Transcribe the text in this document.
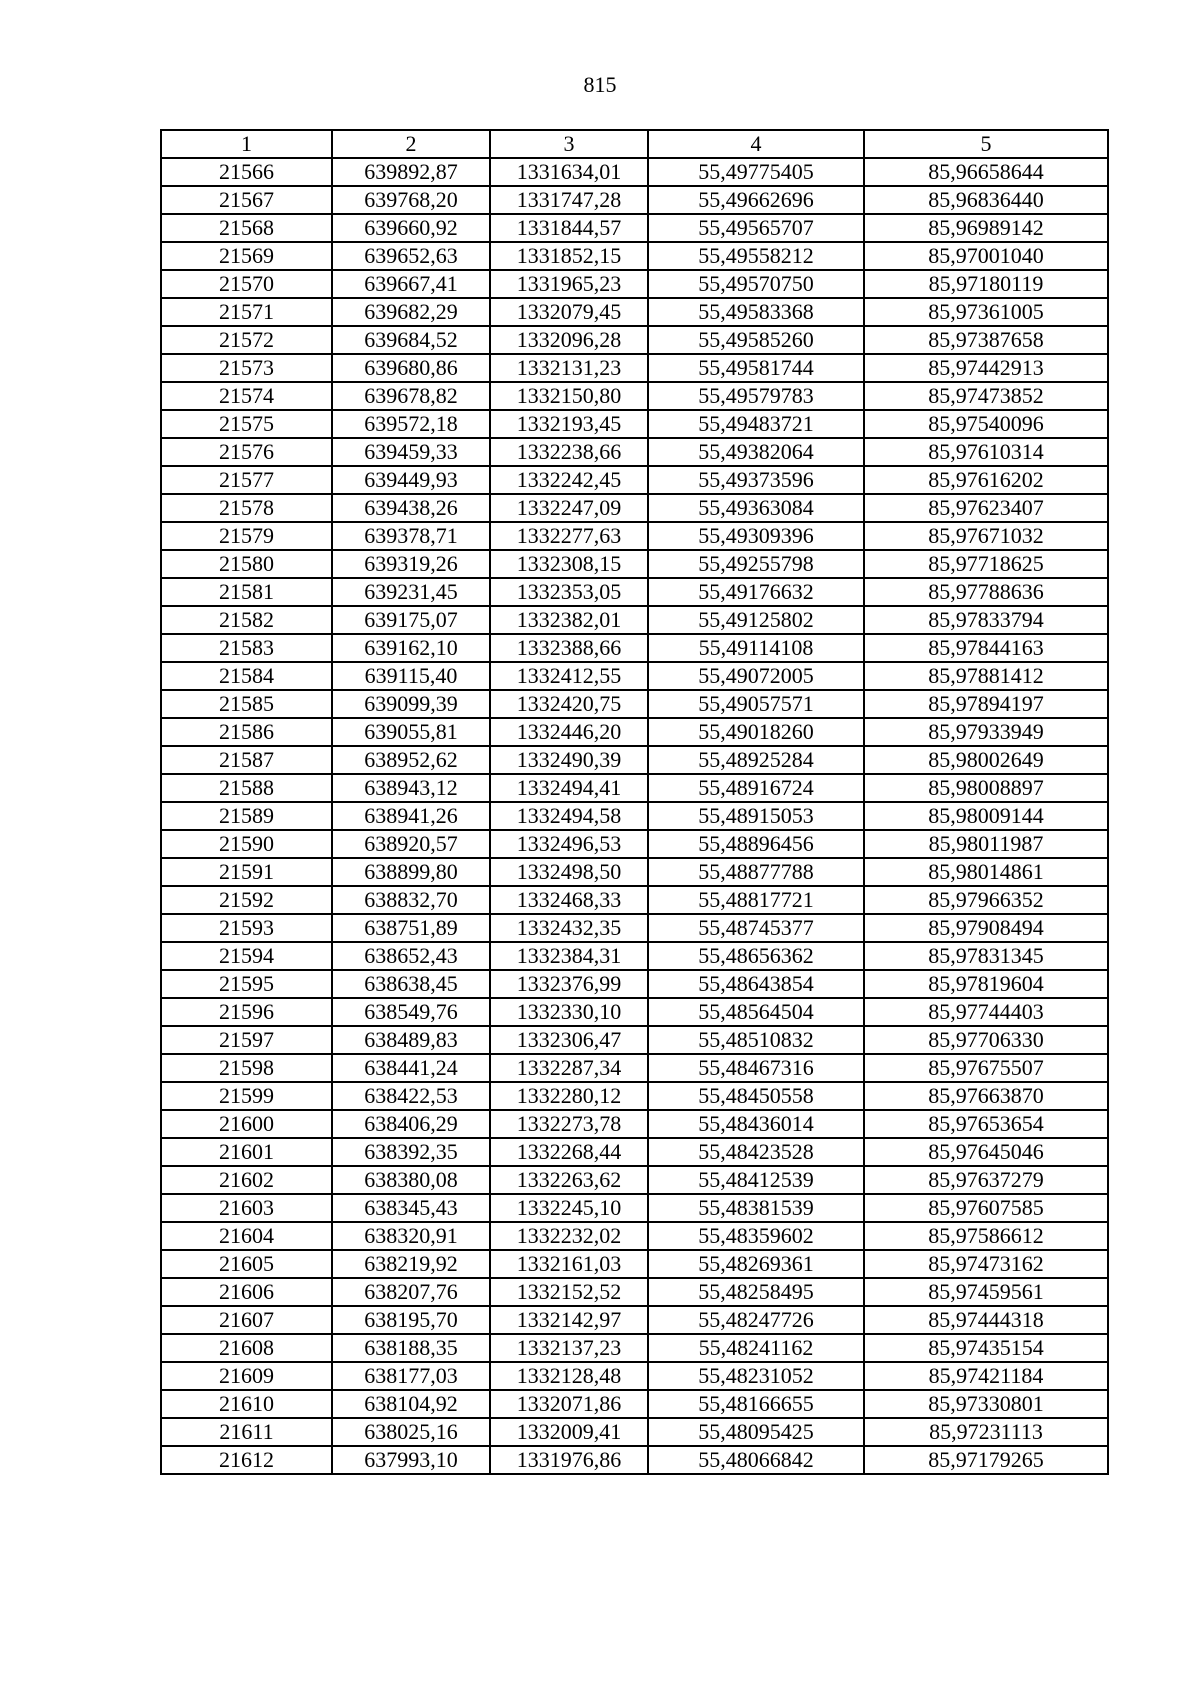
815
1	2	3	4	5
21566	639892,87	1331634,01	55,49775405	85,96658644
21567	639768,20	1331747,28	55,49662696	85,96836440
21568	639660,92	1331844,57	55,49565707	85,96989142
21569	639652,63	1331852,15	55,49558212	85,97001040
21570	639667,41	1331965,23	55,49570750	85,97180119
21571	639682,29	1332079,45	55,49583368	85,97361005
21572	639684,52	1332096,28	55,49585260	85,97387658
21573	639680,86	1332131,23	55,49581744	85,97442913
21574	639678,82	1332150,80	55,49579783	85,97473852
21575	639572,18	1332193,45	55,49483721	85,97540096
21576	639459,33	1332238,66	55,49382064	85,97610314
21577	639449,93	1332242,45	55,49373596	85,97616202
21578	639438,26	1332247,09	55,49363084	85,97623407
21579	639378,71	1332277,63	55,49309396	85,97671032
21580	639319,26	1332308,15	55,49255798	85,97718625
21581	639231,45	1332353,05	55,49176632	85,97788636
21582	639175,07	1332382,01	55,49125802	85,97833794
21583	639162,10	1332388,66	55,49114108	85,97844163
21584	639115,40	1332412,55	55,49072005	85,97881412
21585	639099,39	1332420,75	55,49057571	85,97894197
21586	639055,81	1332446,20	55,49018260	85,97933949
21587	638952,62	1332490,39	55,48925284	85,98002649
21588	638943,12	1332494,41	55,48916724	85,98008897
21589	638941,26	1332494,58	55,48915053	85,98009144
21590	638920,57	1332496,53	55,48896456	85,98011987
21591	638899,80	1332498,50	55,48877788	85,98014861
21592	638832,70	1332468,33	55,48817721	85,97966352
21593	638751,89	1332432,35	55,48745377	85,97908494
21594	638652,43	1332384,31	55,48656362	85,97831345
21595	638638,45	1332376,99	55,48643854	85,97819604
21596	638549,76	1332330,10	55,48564504	85,97744403
21597	638489,83	1332306,47	55,48510832	85,97706330
21598	638441,24	1332287,34	55,48467316	85,97675507
21599	638422,53	1332280,12	55,48450558	85,97663870
21600	638406,29	1332273,78	55,48436014	85,97653654
21601	638392,35	1332268,44	55,48423528	85,97645046
21602	638380,08	1332263,62	55,48412539	85,97637279
21603	638345,43	1332245,10	55,48381539	85,97607585
21604	638320,91	1332232,02	55,48359602	85,97586612
21605	638219,92	1332161,03	55,48269361	85,97473162
21606	638207,76	1332152,52	55,48258495	85,97459561
21607	638195,70	1332142,97	55,48247726	85,97444318
21608	638188,35	1332137,23	55,48241162	85,97435154
21609	638177,03	1332128,48	55,48231052	85,97421184
21610	638104,92	1332071,86	55,48166655	85,97330801
21611	638025,16	1332009,41	55,48095425	85,97231113
21612	637993,10	1331976,86	55,48066842	85,97179265
